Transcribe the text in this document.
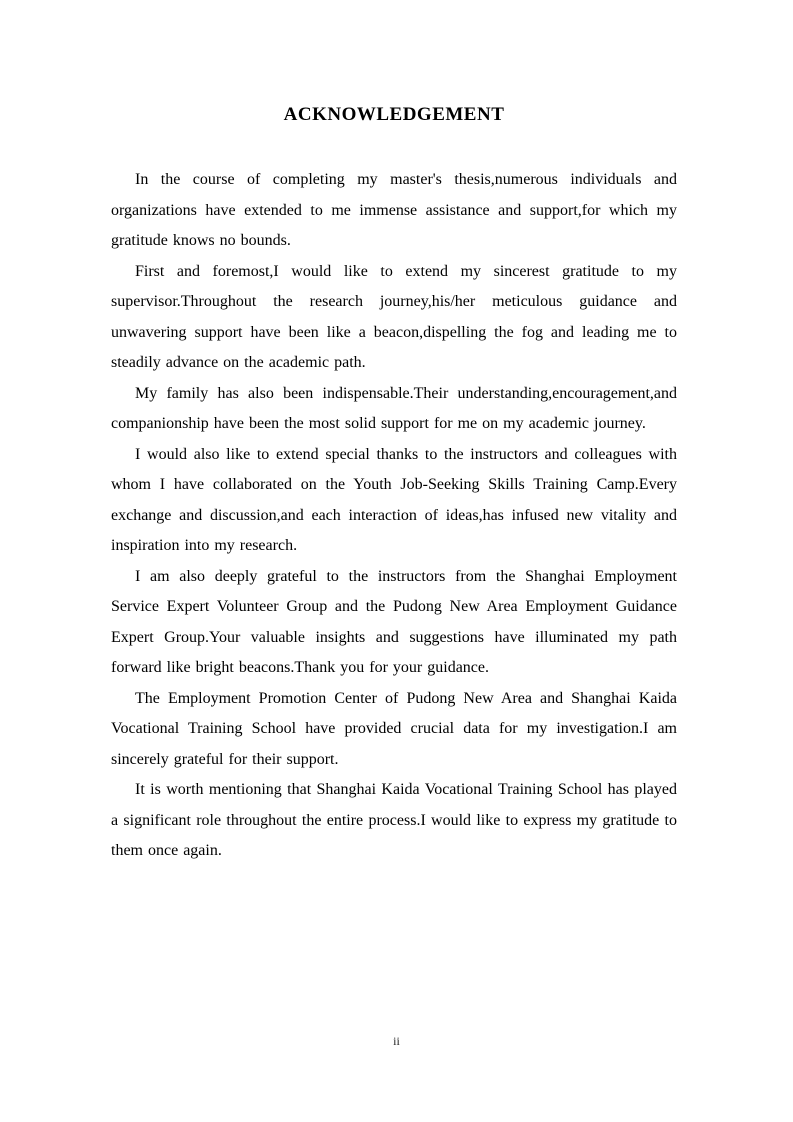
ACKNOWLEDGEMENT

In the course of completing my master's thesis,numerous individuals and organizations have extended to me immense assistance and support,for which my gratitude knows no bounds.

First and foremost,I would like to extend my sincerest gratitude to my supervisor.Throughout the research journey,his/her meticulous guidance and unwavering support have been like a beacon,dispelling the fog and leading me to steadily advance on the academic path.

My family has also been indispensable.Their understanding,encouragement,and companionship have been the most solid support for me on my academic journey.

I would also like to extend special thanks to the instructors and colleagues with whom I have collaborated on the Youth Job-Seeking Skills Training Camp.Every exchange and discussion,and each interaction of ideas,has infused new vitality and inspiration into my research.

I am also deeply grateful to the instructors from the Shanghai Employment Service Expert Volunteer Group and the Pudong New Area Employment Guidance Expert Group.Your valuable insights and suggestions have illuminated my path forward like bright beacons.Thank you for your guidance.

The Employment Promotion Center of Pudong New Area and Shanghai Kaida Vocational Training School have provided crucial data for my investigation.I am sincerely grateful for their support.

It is worth mentioning that Shanghai Kaida Vocational Training School has played a significant role throughout the entire process.I would like to express my gratitude to them once again.

ii
